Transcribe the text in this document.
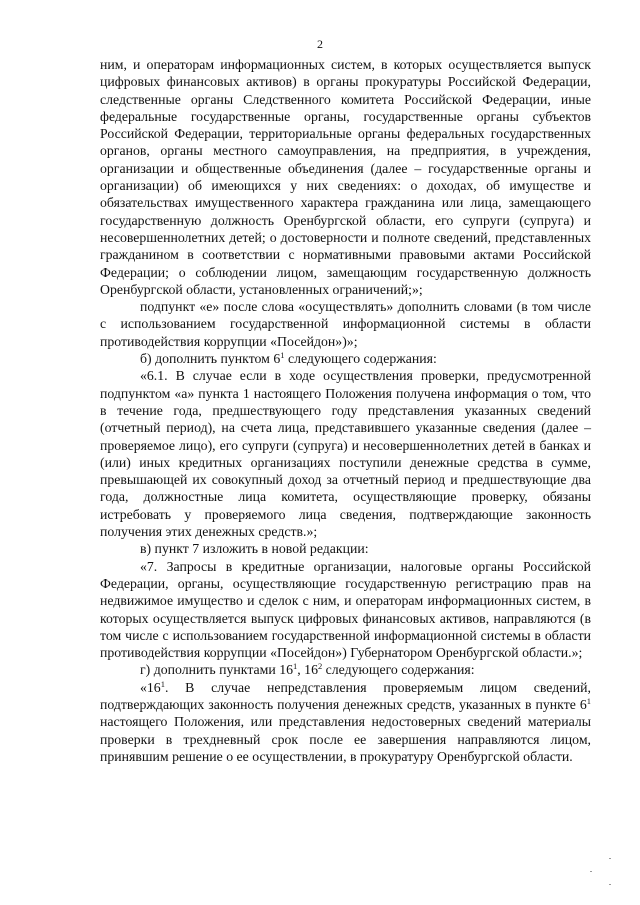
2

ним, и операторам информационных систем, в которых осуществляется выпуск цифровых финансовых активов) в органы прокуратуры Российской Федерации, следственные органы Следственного комитета Российской Федерации, иные федеральные государственные органы, государственные органы субъектов Российской Федерации, территориальные органы федеральных государственных органов, органы местного самоуправления, на предприятия, в учреждения, организации и общественные объединения (далее – государственные органы и организации) об имеющихся у них сведениях: о доходах, об имуществе и обязательствах имущественного характера гражданина или лица, замещающего государственную должность Оренбургской области, его супруги (супруга) и несовершеннолетних детей; о достоверности и полноте сведений, представленных гражданином в соответствии с нормативными правовыми актами Российской Федерации; о соблюдении лицом, замещающим государственную должность Оренбургской области, установленных ограничений;»;

подпункт «е» после слова «осуществлять» дополнить словами (в том числе с использованием государственной информационной системы в области противодействия коррупции «Посейдон»)»;

б) дополнить пунктом $6^1$ следующего содержания:

«6.1. В случае если в ходе осуществления проверки, предусмотренной подпунктом «а» пункта 1 настоящего Положения получена информация о том, что в течение года, предшествующего году представления указанных сведений (отчетный период), на счета лица, представившего указанные сведения (далее – проверяемое лицо), его супруги (супруга) и несовершеннолетних детей в банках и (или) иных кредитных организациях поступили денежные средства в сумме, превышающей их совокупный доход за отчетный период и предшествующие два года, должностные лица комитета, осуществляющие проверку, обязаны истребовать у проверяемого лица сведения, подтверждающие законность получения этих денежных средств.»;

в) пункт 7 изложить в новой редакции:

«7. Запросы в кредитные организации, налоговые органы Российской Федерации, органы, осуществляющие государственную регистрацию прав на недвижимое имущество и сделок с ним, и операторам информационных систем, в которых осуществляется выпуск цифровых финансовых активов, направляются (в том числе с использованием государственной информационной системы в области противодействия коррупции «Посейдон») Губернатором Оренбургской области.»;

г) дополнить пунктами $16^1$, $16^2$ следующего содержания:

«$16^1$. В случае непредставления проверяемым лицом сведений, подтверждающих законность получения денежных средств, указанных в пункте $6^1$ настоящего Положения, или представления недостоверных сведений материалы проверки в трехдневный срок после ее завершения направляются лицом, принявшим решение о ее осуществлении, в прокуратуру Оренбургской области.
